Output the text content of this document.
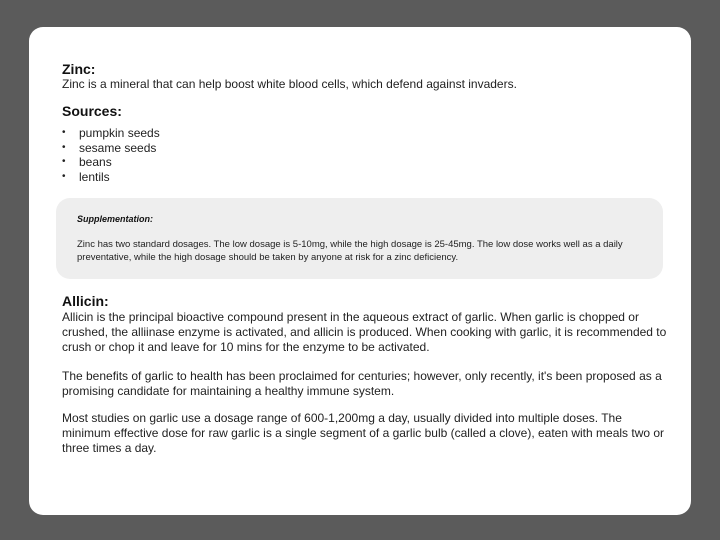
Zinc:

Zinc is a mineral that can help boost white blood cells, which defend against invaders.

Sources:
• pumpkin seeds
• sesame seeds
• beans
• lentils

Supplementation:

Zinc has two standard dosages. The low dosage is 5-10mg, while the high dosage is 25-45mg. The low dose works well as a daily preventative, while the high dosage should be taken by anyone at risk for a zinc deficiency.

Allicin:

Allicin is the principal bioactive compound present in the aqueous extract of garlic. When garlic is chopped or crushed, the alliinase enzyme is activated, and allicin is produced. When cooking with garlic, it is recommended to crush or chop it and leave for 10 mins for the enzyme to be activated.

The benefits of garlic to health has been proclaimed for centuries; however, only recently, it's been proposed as a promising candidate for maintaining a healthy immune system.

Most studies on garlic use a dosage range of 600-1,200mg a day, usually divided into multiple doses. The minimum effective dose for raw garlic is a single segment of a garlic bulb (called a clove), eaten with meals two or three times a day.
